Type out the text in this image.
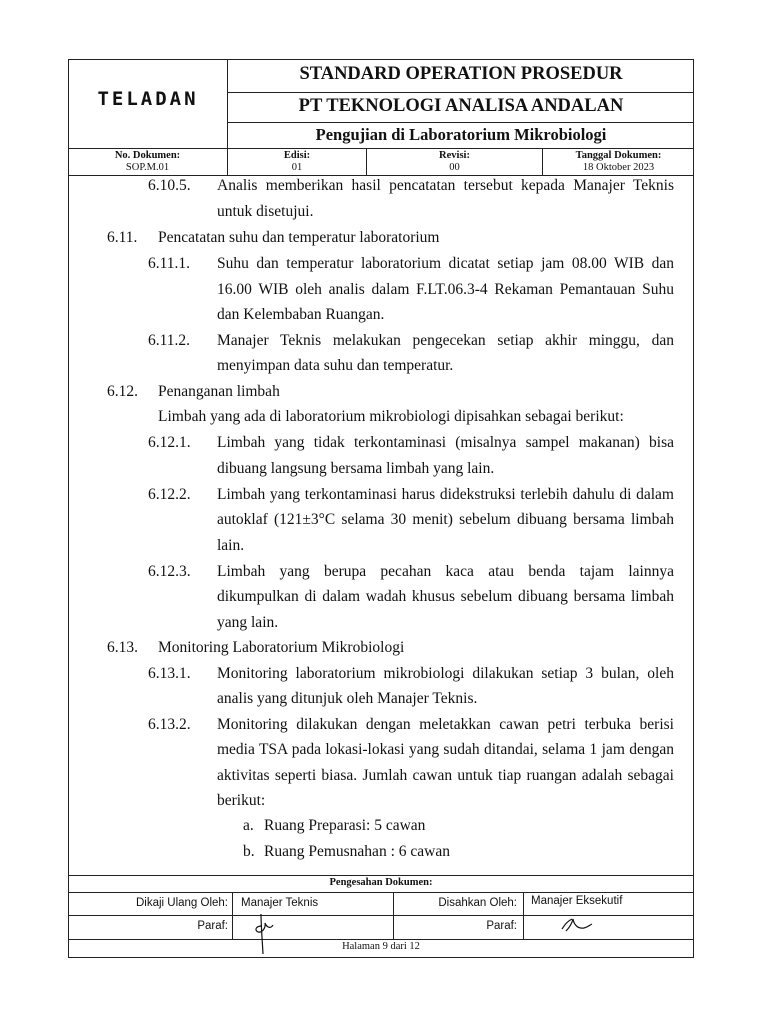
TELADAN
STANDARD OPERATION PROSEDUR
PT TEKNOLOGI ANALISA ANDALAN
Pengujian di Laboratorium Mikrobiologi
No. Dokumen:
SOP.M.01
Edisi:
01
Revisi:
00
Tanggal Dokumen:
18 Oktober 2023
6.10.5. Analis memberikan hasil pencatatan tersebut kepada Manajer Teknis
untuk disetujui.
6.11. Pencatatan suhu dan temperatur laboratorium
6.11.1. Suhu dan temperatur laboratorium dicatat setiap jam 08.00 WIB dan
16.00 WIB oleh analis dalam F.LT.06.3-4 Rekaman Pemantauan Suhu
dan Kelembaban Ruangan.
6.11.2. Manajer Teknis melakukan pengecekan setiap akhir minggu, dan
menyimpan data suhu dan temperatur.
6.12. Penanganan limbah
Limbah yang ada di laboratorium mikrobiologi dipisahkan sebagai berikut:
6.12.1. Limbah yang tidak terkontaminasi (misalnya sampel makanan) bisa
dibuang langsung bersama limbah yang lain.
6.12.2. Limbah yang terkontaminasi harus didekstruksi terlebih dahulu di dalam
autoklaf (121±3°C selama 30 menit) sebelum dibuang bersama limbah
lain.
6.12.3. Limbah yang berupa pecahan kaca atau benda tajam lainnya
dikumpulkan di dalam wadah khusus sebelum dibuang bersama limbah
yang lain.
6.13. Monitoring Laboratorium Mikrobiologi
6.13.1. Monitoring laboratorium mikrobiologi dilakukan setiap 3 bulan, oleh
analis yang ditunjuk oleh Manajer Teknis.
6.13.2. Monitoring dilakukan dengan meletakkan cawan petri terbuka berisi
media TSA pada lokasi-lokasi yang sudah ditandai, selama 1 jam dengan
aktivitas seperti biasa. Jumlah cawan untuk tiap ruangan adalah sebagai
berikut:
a. Ruang Preparasi: 5 cawan
b. Ruang Pemusnahan : 6 cawan
Pengesahan Dokumen:
Dikaji Ulang Oleh: Manajer Teknis	Disahkan Oleh: Manajer Eksekutif
Paraf:	Paraf:
Halaman 9 dari 12
